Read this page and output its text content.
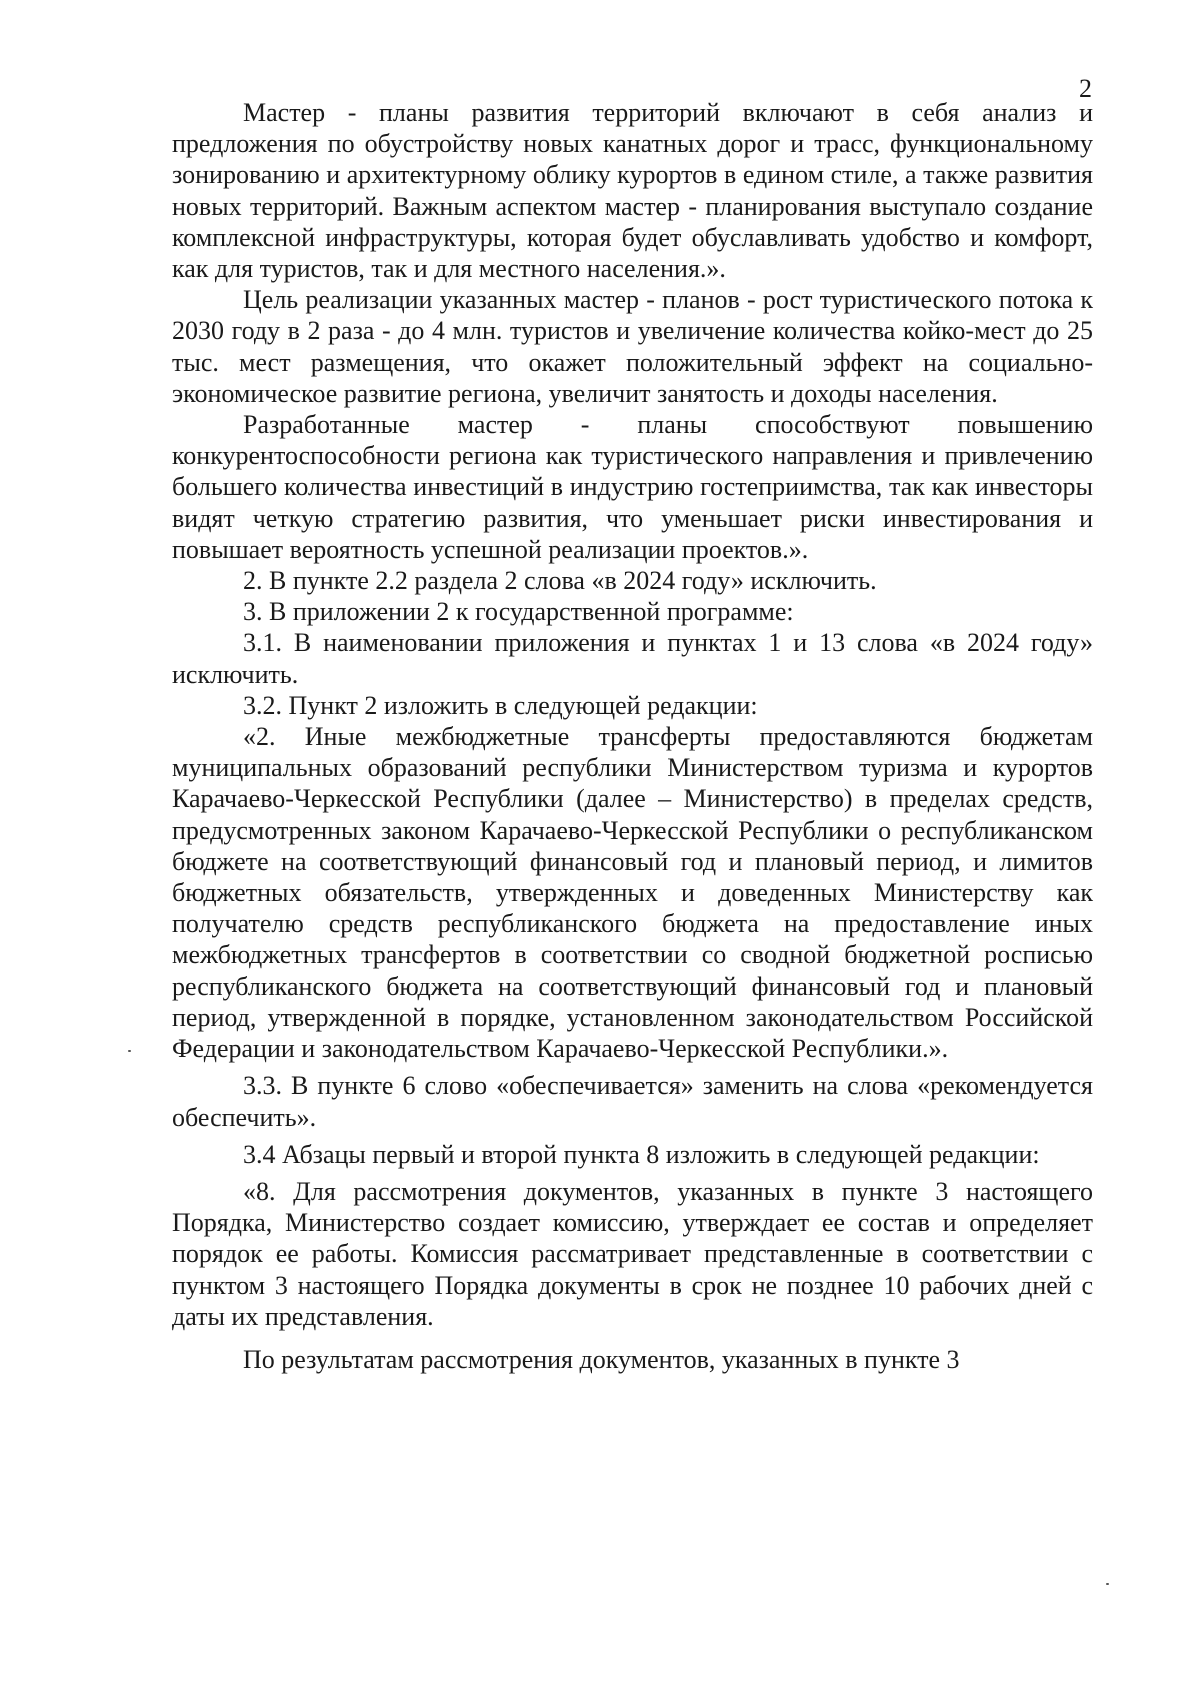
2

Мастер - планы развития территорий включают в себя анализ и предложения по обустройству новых канатных дорог и трасс, функциональному зонированию и архитектурному облику курортов в едином стиле, а также развития новых территорий. Важным аспектом мастер - планирования выступало создание комплексной инфраструктуры, которая будет обуславливать удобство и комфорт, как для туристов, так и для местного населения.».

Цель реализации указанных мастер - планов - рост туристического потока к 2030 году в 2 раза - до 4 млн. туристов и увеличение количества койко-мест до 25 тыс. мест размещения, что окажет положительный эффект на социально-экономическое развитие региона, увеличит занятость и доходы населения.

Разработанные мастер - планы способствуют повышению конкурентоспособности региона как туристического направления и привлечению большего количества инвестиций в индустрию гостеприимства, так как инвесторы видят четкую стратегию развития, что уменьшает риски инвестирования и повышает вероятность успешной реализации проектов.».

2. В пункте 2.2 раздела 2 слова «в 2024 году» исключить.

3. В приложении 2 к государственной программе:

3.1. В наименовании приложения и пунктах 1 и 13 слова «в 2024 году» исключить.

3.2. Пункт 2 изложить в следующей редакции:

«2. Иные межбюджетные трансферты предоставляются бюджетам муниципальных образований республики Министерством туризма и курортов Карачаево-Черкесской Республики (далее – Министерство) в пределах средств, предусмотренных законом Карачаево-Черкесской Республики о республиканском бюджете на соответствующий финансовый год и плановый период, и лимитов бюджетных обязательств, утвержденных и доведенных Министерству как получателю средств республиканского бюджета на предоставление иных межбюджетных трансфертов в соответствии со сводной бюджетной росписью республиканского бюджета на соответствующий финансовый год и плановый период, утвержденной в порядке, установленном законодательством Российской Федерации и законодательством Карачаево-Черкесской Республики.».

3.3. В пункте 6 слово «обеспечивается» заменить на слова «рекомендуется обеспечить».

3.4 Абзацы первый и второй пункта 8 изложить в следующей редакции:

«8. Для рассмотрения документов, указанных в пункте 3 настоящего Порядка, Министерство создает комиссию, утверждает ее состав и определяет порядок ее работы. Комиссия рассматривает представленные в соответствии с пунктом 3 настоящего Порядка документы в срок не позднее 10 рабочих дней с даты их представления.

По результатам рассмотрения документов, указанных в пункте 3
